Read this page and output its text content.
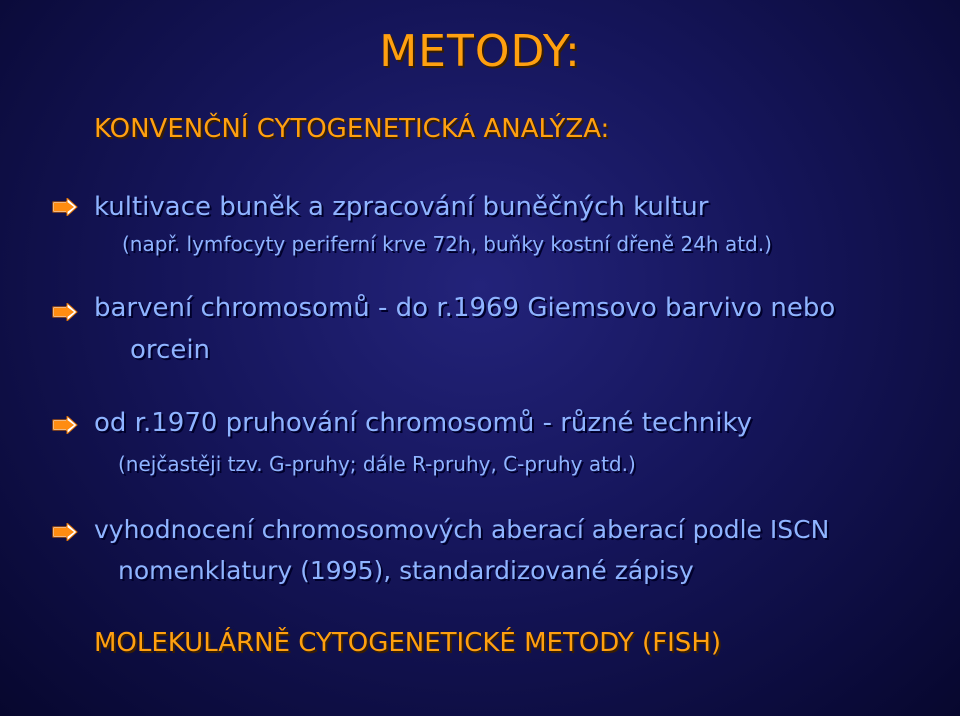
METODY:
KONVENČNÍ CYTOGENETICKÁ ANALÝZA:
kultivace buněk a zpracování buněčných kultur
(např. lymfocyty periferní krve 72h, buňky kostní dřeně 24h atd.)
barvení chromosomů - do r.1969 Giemsovo barvivo nebo
orcein
od r.1970 pruhování chromosomů - různé techniky
(nejčastěji tzv. G-pruhy; dále R-pruhy, C-pruhy atd.)
vyhodnocení chromosomových aberací aberací podle ISCN
nomenklatury (1995), standardizované zápisy
MOLEKULÁRNĚ CYTOGENETICKÉ METODY (FISH)
